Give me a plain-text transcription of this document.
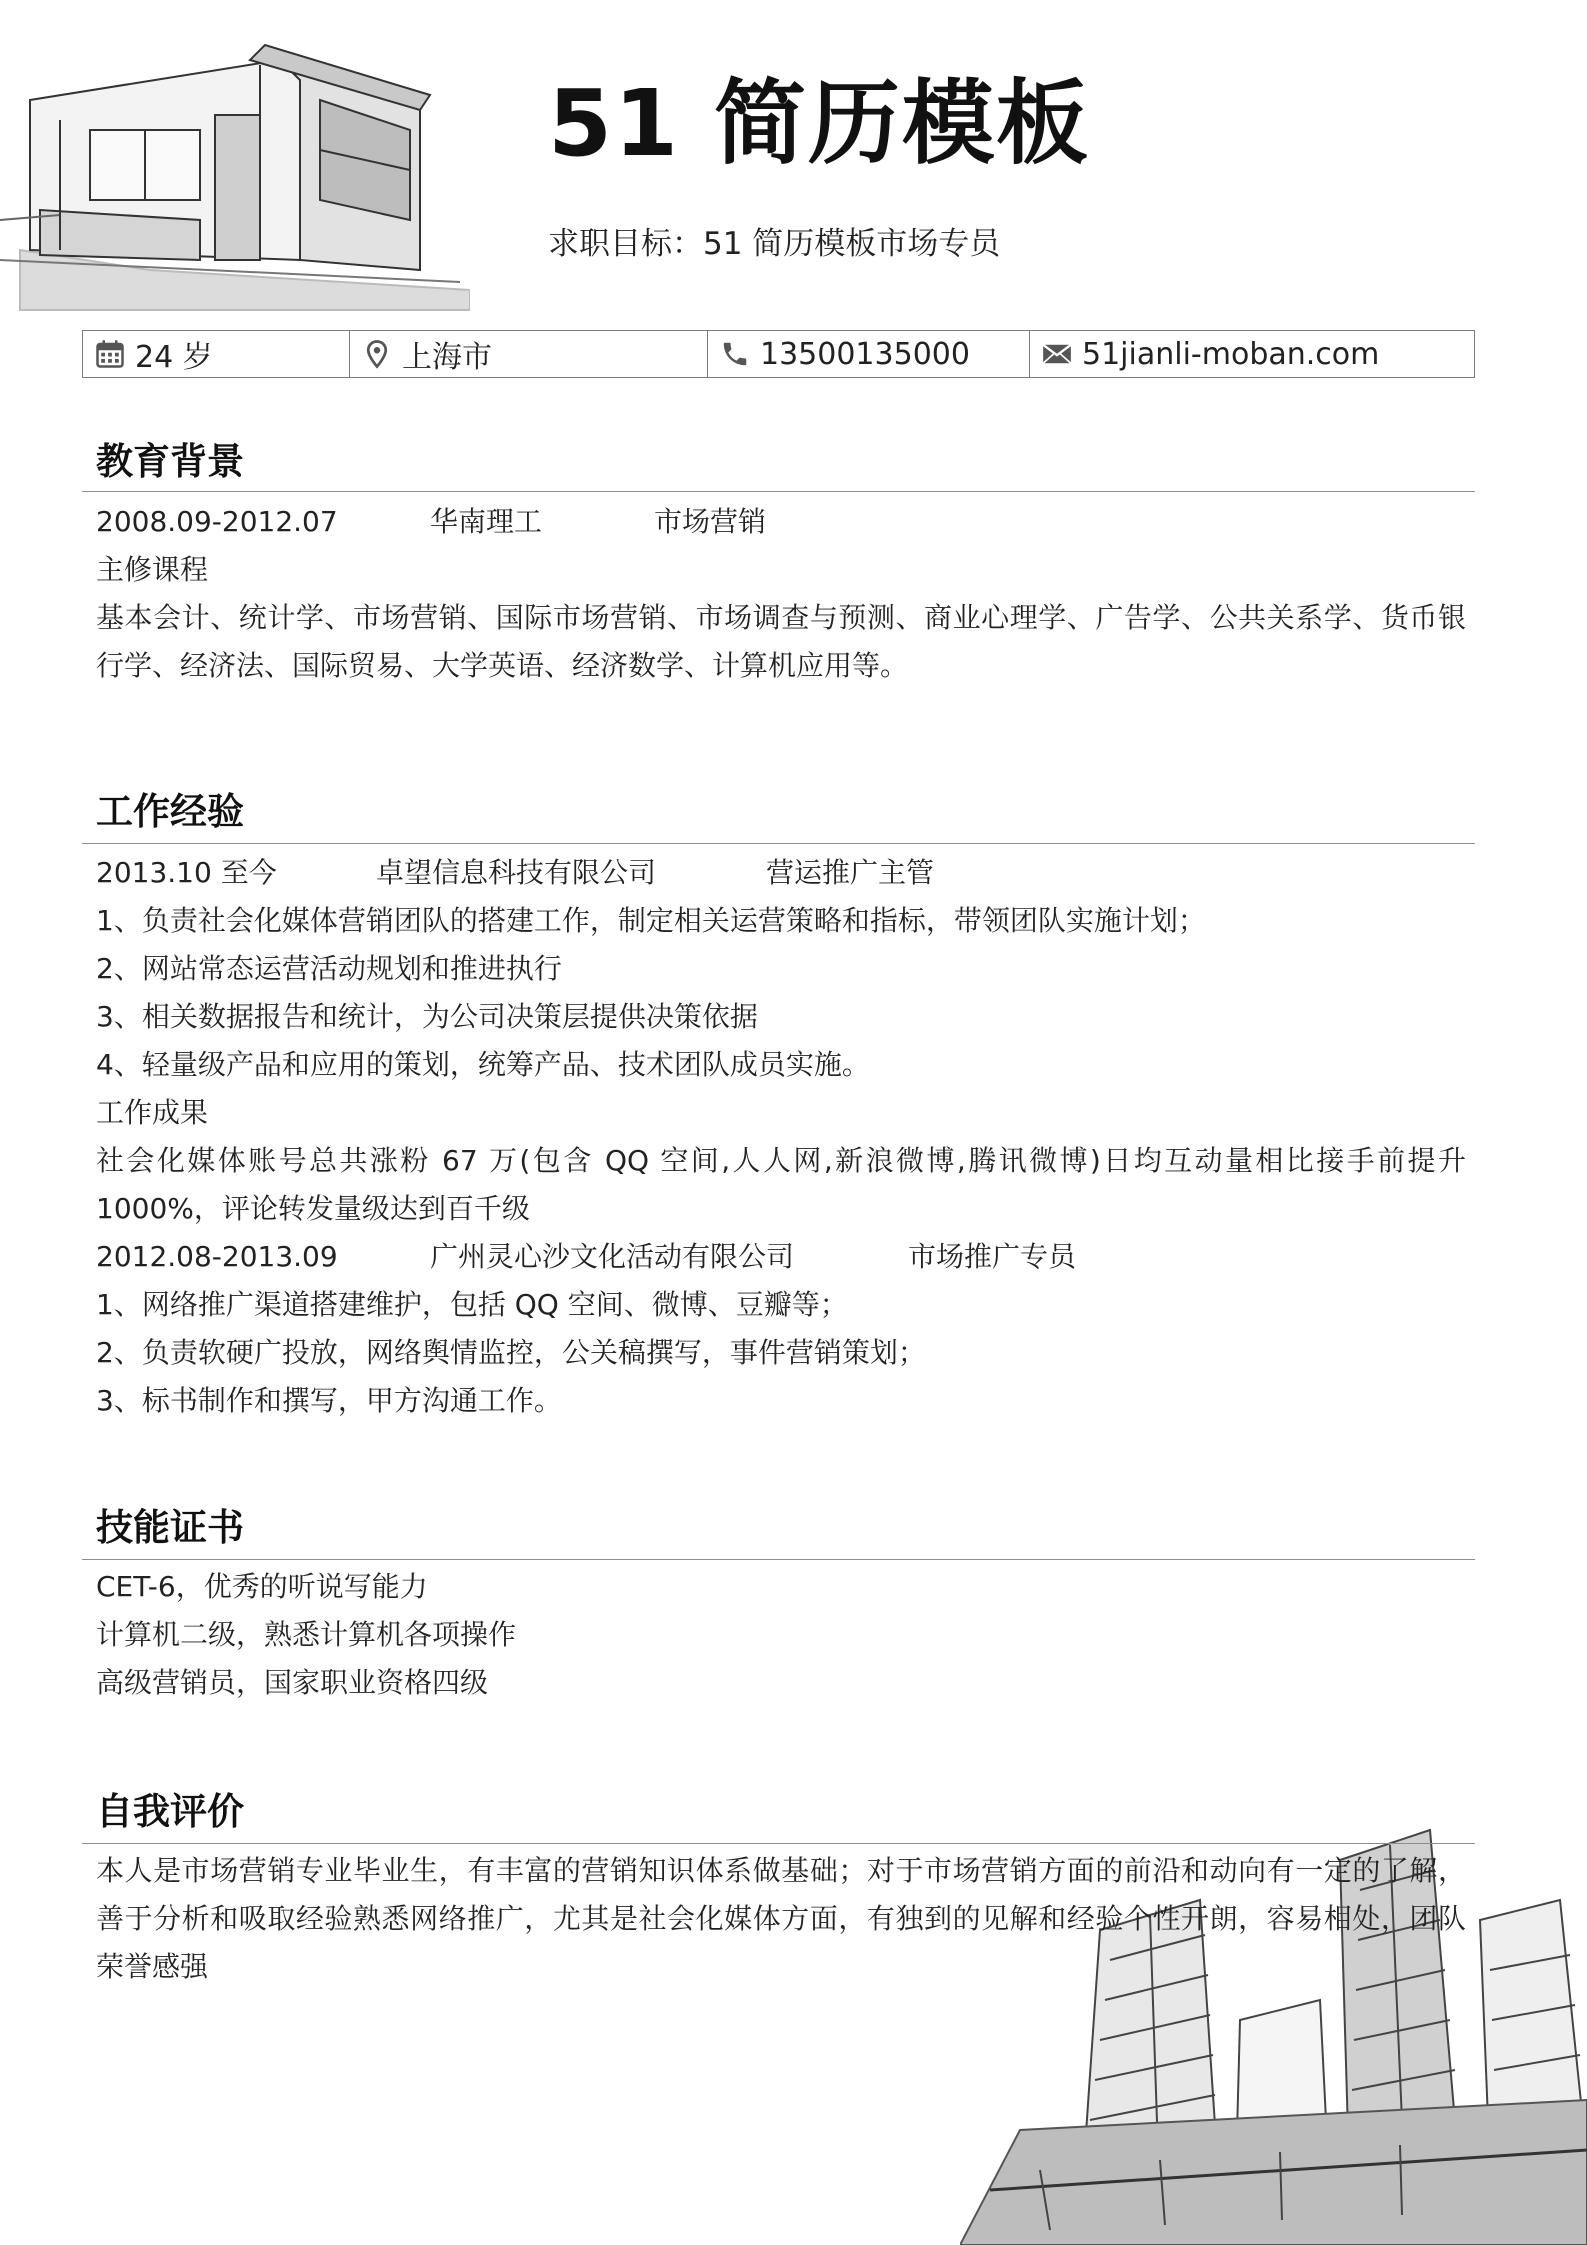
51 简历模板
求职目标：51 简历模板市场专员
24 岁	上海市	13500135000	51jianli-moban.com
教育背景
2008.09-2012.07	华南理工	市场营销
主修课程
基本会计、统计学、市场营销、国际市场营销、市场调查与预测、商业心理学、广告学、公共关系学、货币银行学、经济法、国际贸易、大学英语、经济数学、计算机应用等。
工作经验
2013.10 至今	卓望信息科技有限公司	营运推广主管
1、负责社会化媒体营销团队的搭建工作，制定相关运营策略和指标，带领团队实施计划；
2、网站常态运营活动规划和推进执行
3、相关数据报告和统计，为公司决策层提供决策依据
4、轻量级产品和应用的策划，统筹产品、技术团队成员实施。
工作成果
社会化媒体账号总共涨粉 67 万(包含 QQ 空间,人人网,新浪微博,腾讯微博)日均互动量相比接手前提升 1000%，评论转发量级达到百千级
2012.08-2013.09	广州灵心沙文化活动有限公司	市场推广专员
1、网络推广渠道搭建维护，包括 QQ 空间、微博、豆瓣等；
2、负责软硬广投放，网络舆情监控，公关稿撰写，事件营销策划；
3、标书制作和撰写，甲方沟通工作。
技能证书
CET-6，优秀的听说写能力
计算机二级，熟悉计算机各项操作
高级营销员，国家职业资格四级
自我评价
本人是市场营销专业毕业生，有丰富的营销知识体系做基础；对于市场营销方面的前沿和动向有一定的了解，善于分析和吸取经验熟悉网络推广，尤其是社会化媒体方面，有独到的见解和经验个性开朗，容易相处，团队荣誉感强
